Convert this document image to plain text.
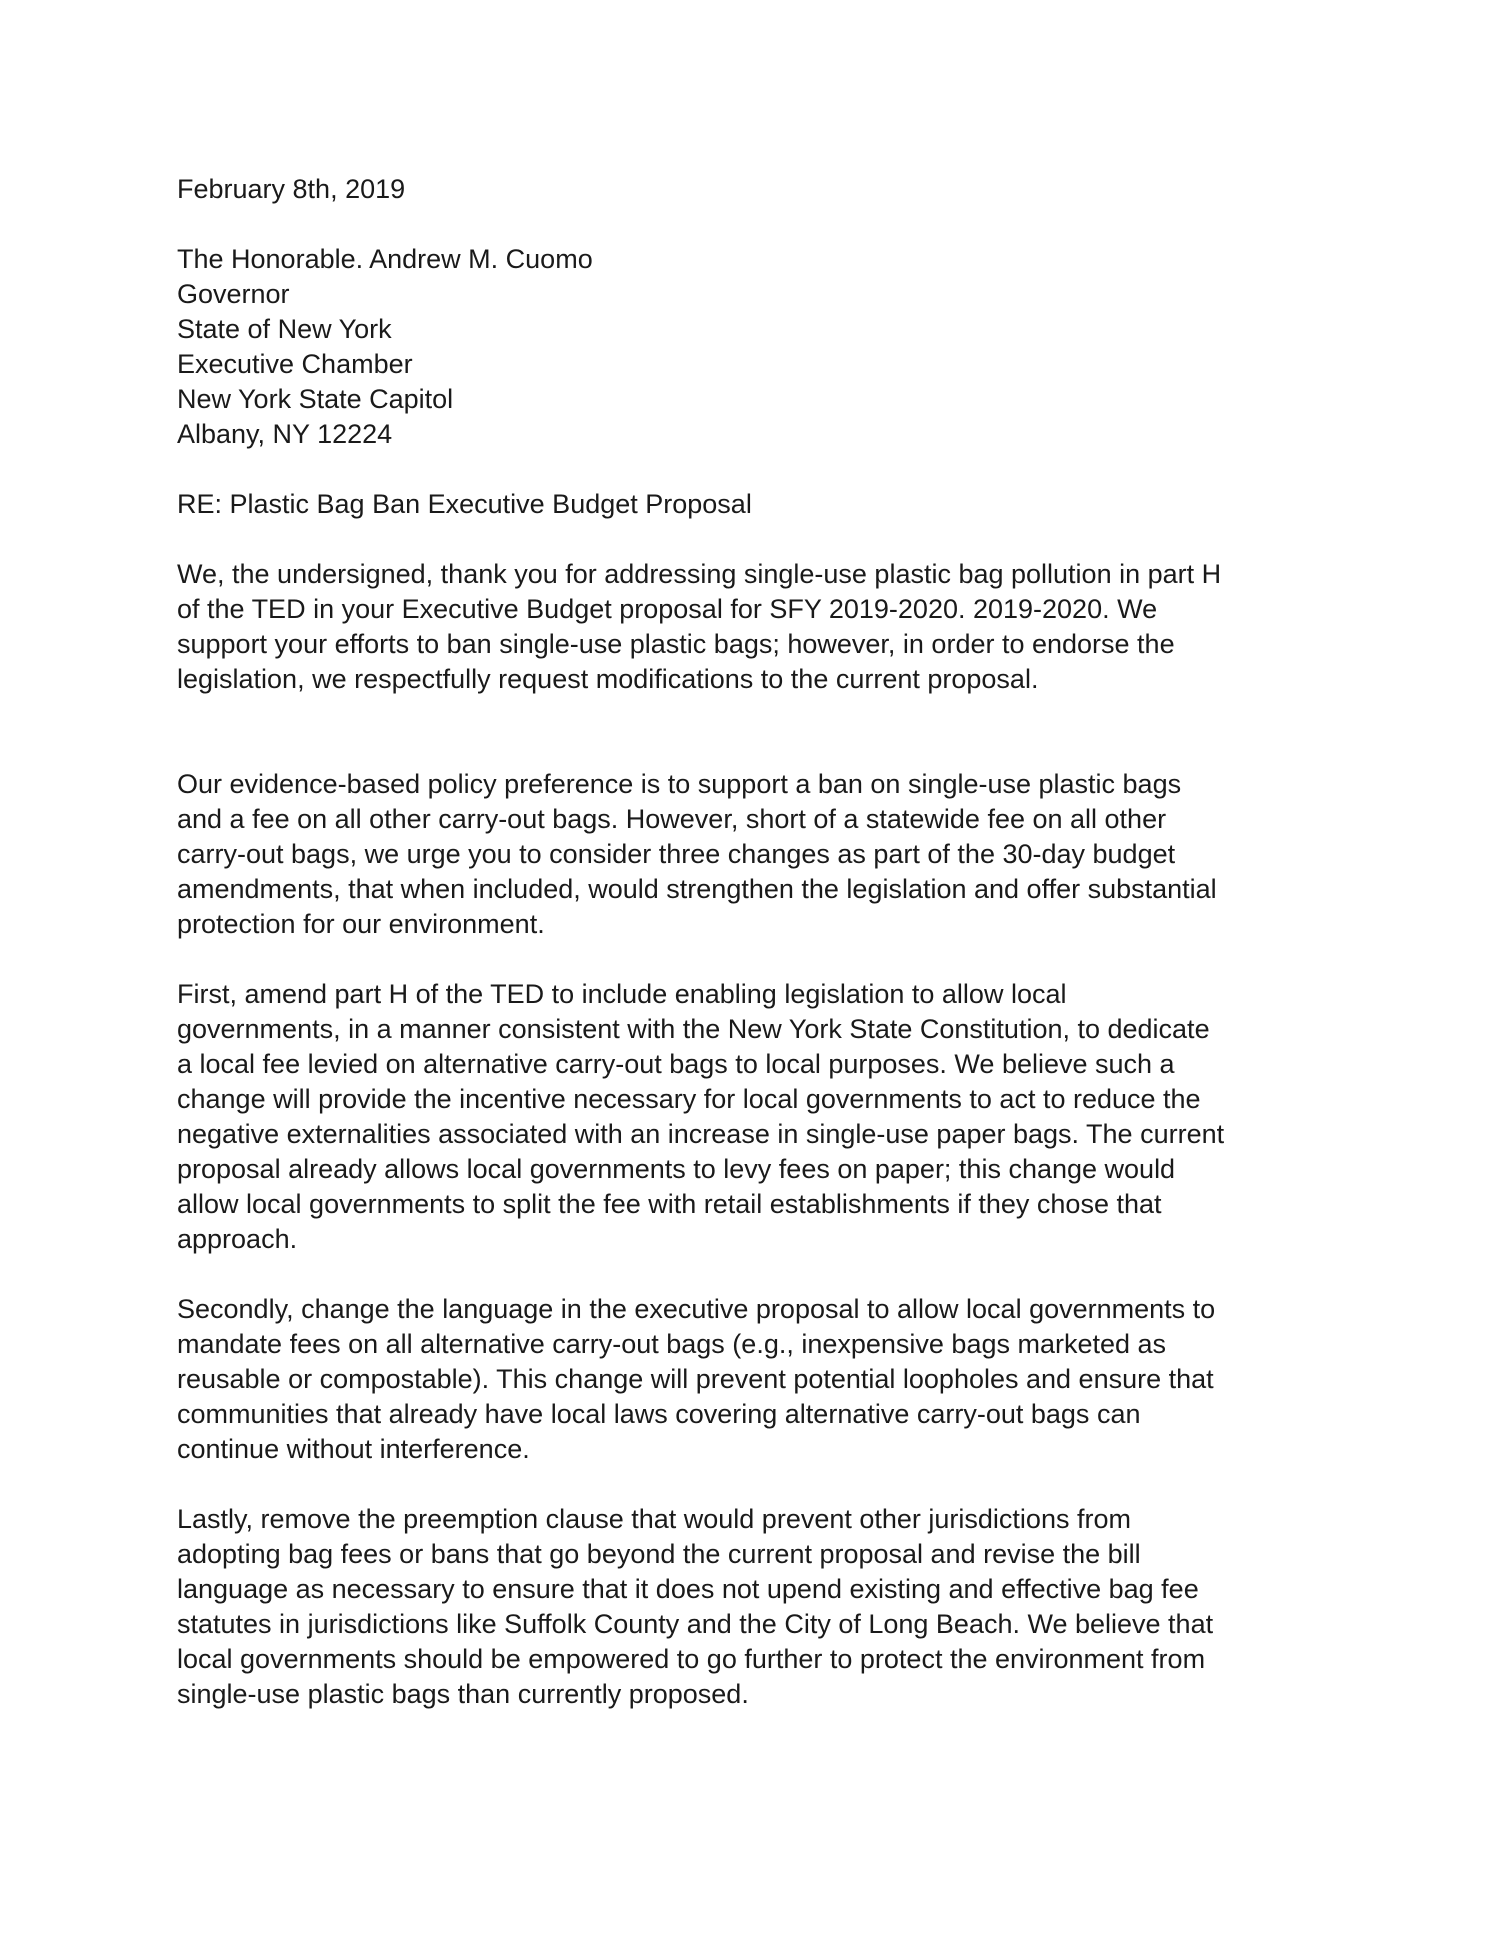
February 8th, 2019
The Honorable. Andrew M. Cuomo
Governor
State of New York
Executive Chamber
New York State Capitol
Albany, NY 12224
RE: Plastic Bag Ban Executive Budget Proposal
We, the undersigned, thank you for addressing single-use plastic bag pollution in part H
of the TED in your Executive Budget proposal for SFY 2019-2020. 2019-2020. We
support your efforts to ban single-use plastic bags; however, in order to endorse the
legislation, we respectfully request modifications to the current proposal.
Our evidence-based policy preference is to support a ban on single-use plastic bags
and a fee on all other carry-out bags. However, short of a statewide fee on all other
carry-out bags, we urge you to consider three changes as part of the 30-day budget
amendments, that when included, would strengthen the legislation and offer substantial
protection for our environment.
First, amend part H of the TED to include enabling legislation to allow local
governments, in a manner consistent with the New York State Constitution, to dedicate
a local fee levied on alternative carry-out bags to local purposes. We believe such a
change will provide the incentive necessary for local governments to act to reduce the
negative externalities associated with an increase in single-use paper bags. The current
proposal already allows local governments to levy fees on paper; this change would
allow local governments to split the fee with retail establishments if they chose that
approach.
Secondly, change the language in the executive proposal to allow local governments to
mandate fees on all alternative carry-out bags (e.g., inexpensive bags marketed as
reusable or compostable). This change will prevent potential loopholes and ensure that
communities that already have local laws covering alternative carry-out bags can
continue without interference.
Lastly, remove the preemption clause that would prevent other jurisdictions from
adopting bag fees or bans that go beyond the current proposal and revise the bill
language as necessary to ensure that it does not upend existing and effective bag fee
statutes in jurisdictions like Suffolk County and the City of Long Beach. We believe that
local governments should be empowered to go further to protect the environment from
single-use plastic bags than currently proposed.
